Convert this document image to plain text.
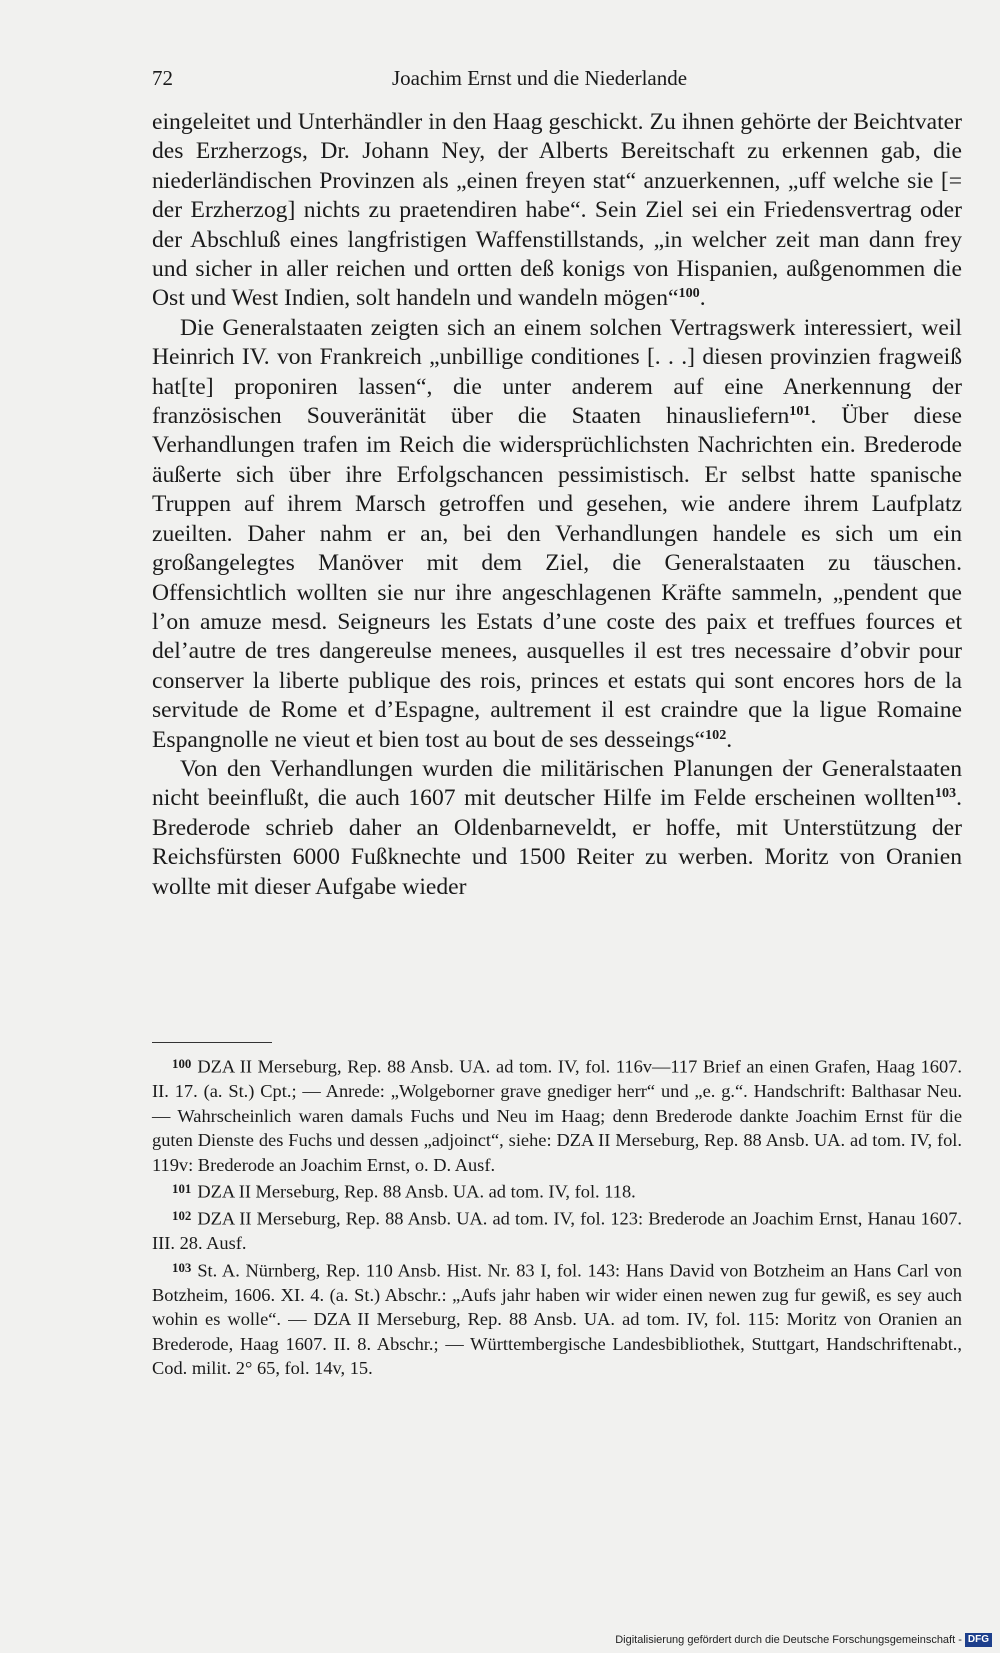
72	Joachim Ernst und die Niederlande

eingeleitet und Unterhändler in den Haag geschickt. Zu ihnen gehörte der Beichtvater des Erzherzogs, Dr. Johann Ney, der Alberts Bereitschaft zu erkennen gab, die niederländischen Provinzen als „einen freyen stat“ anzuerkennen, „uff welche sie [= der Erzherzog] nichts zu praetendiren habe“. Sein Ziel sei ein Friedensvertrag oder der Abschluß eines langfristigen Waffenstillstands, „in welcher zeit man dann frey und sicher in aller reichen und ortten deß konigs von Hispanien, außgenommen die Ost und West Indien, solt handeln und wandeln mögen“$^{100}$.

Die Generalstaaten zeigten sich an einem solchen Vertragswerk interessiert, weil Heinrich IV. von Frankreich „unbillige conditiones [. . .] diesen provinzien fragweiß hat[te] proponiren lassen“, die unter anderem auf eine Anerkennung der französischen Souveränität über die Staaten hinausliefern$^{101}$. Über diese Verhandlungen trafen im Reich die widersprüchlichsten Nachrichten ein. Brederode äußerte sich über ihre Erfolgschancen pessimistisch. Er selbst hatte spanische Truppen auf ihrem Marsch getroffen und gesehen, wie andere ihrem Laufplatz zueilten. Daher nahm er an, bei den Verhandlungen handele es sich um ein großangelegtes Manöver mit dem Ziel, die Generalstaaten zu täuschen. Offensichtlich wollten sie nur ihre angeschlagenen Kräfte sammeln, „pendent que l’on amuze mesd. Seigneurs les Estats d’une coste des paix et treffues fources et del’autre de tres dangereulse menees, ausquelles il est tres necessaire d’obvir pour conserver la liberte publique des rois, princes et estats qui sont encores hors de la servitude de Rome et d’Espagne, aultrement il est craindre que la ligue Romaine Espangnolle ne vieut et bien tost au bout de ses desseings“$^{102}$.

Von den Verhandlungen wurden die militärischen Planungen der Generalstaaten nicht beeinflußt, die auch 1607 mit deutscher Hilfe im Felde erscheinen wollten$^{103}$. Brederode schrieb daher an Oldenbarneveldt, er hoffe, mit Unterstützung der Reichsfürsten 6000 Fußknechte und 1500 Reiter zu werben. Moritz von Oranien wollte mit dieser Aufgabe wieder

$^{100}$ DZA II Merseburg, Rep. 88 Ansb. UA. ad tom. IV, fol. 116v—117 Brief an einen Grafen, Haag 1607. II. 17. (a. St.) Cpt.; — Anrede: „Wolgeborner grave gnediger herr“ und „e. g.“. Handschrift: Balthasar Neu. — Wahrscheinlich waren damals Fuchs und Neu im Haag; denn Brederode dankte Joachim Ernst für die guten Dienste des Fuchs und dessen „adjoinct“, siehe: DZA II Merseburg, Rep. 88 Ansb. UA. ad tom. IV, fol. 119v: Brederode an Joachim Ernst, o. D. Ausf.

$^{101}$ DZA II Merseburg, Rep. 88 Ansb. UA. ad tom. IV, fol. 118.

$^{102}$ DZA II Merseburg, Rep. 88 Ansb. UA. ad tom. IV, fol. 123: Brederode an Joachim Ernst, Hanau 1607. III. 28. Ausf.

$^{103}$ St. A. Nürnberg, Rep. 110 Ansb. Hist. Nr. 83 I, fol. 143: Hans David von Botzheim an Hans Carl von Botzheim, 1606. XI. 4. (a. St.) Abschr.: „Aufs jahr haben wir wider einen newen zug fur gewiß, es sey auch wohin es wolle“. — DZA II Merseburg, Rep. 88 Ansb. UA. ad tom. IV, fol. 115: Moritz von Oranien an Brederode, Haag 1607. II. 8. Abschr.; — Württembergische Landesbibliothek, Stuttgart, Handschriftenabt., Cod. milit. 2° 65, fol. 14v, 15.

Digitalisierung gefördert durch die Deutsche Forschungsgemeinschaft - DFG
